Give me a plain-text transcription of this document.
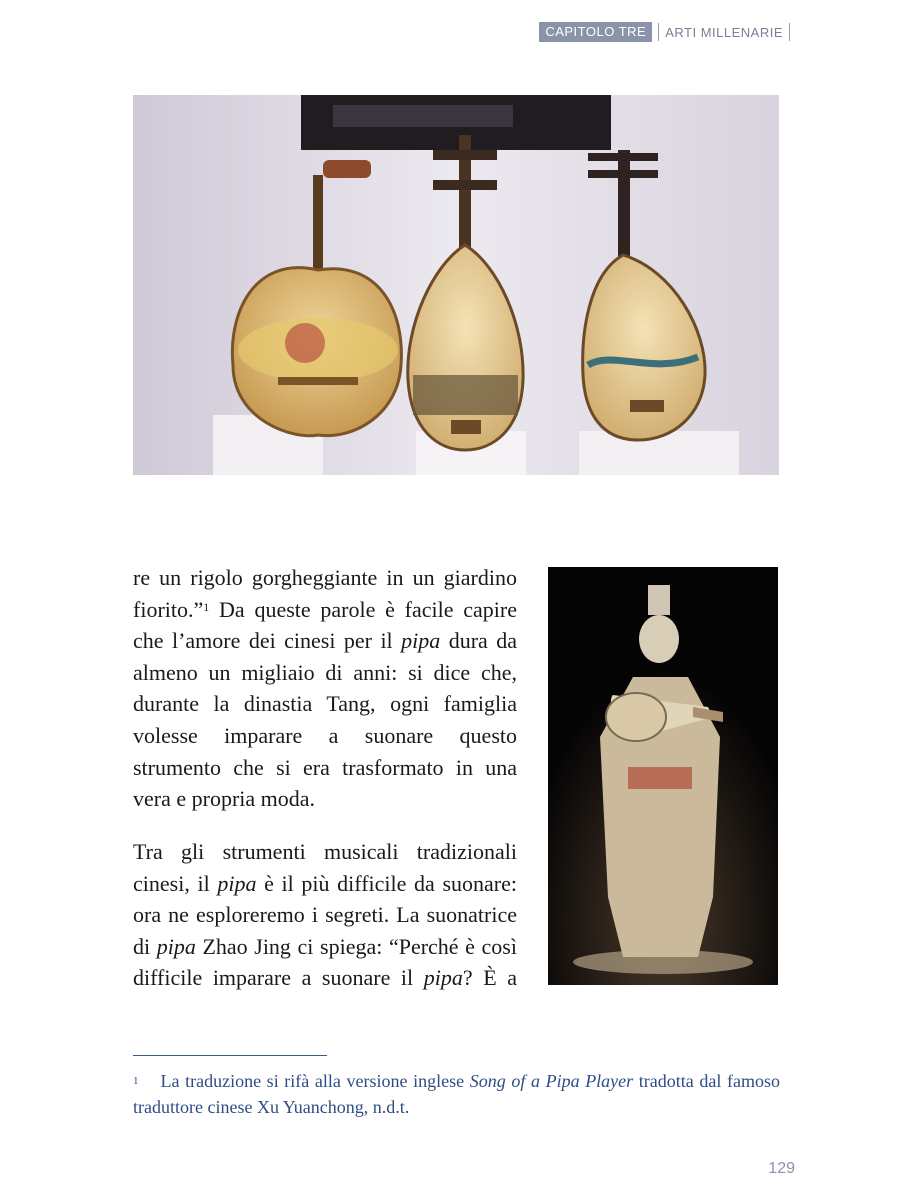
CAPITOLO TRE	ARTI MILLENARIE

re un rigolo gorgheggiante in un giardino fiorito.”$^1$ Da queste parole è facile capire che l’amore dei cinesi per il pipa dura da almeno un migliaio di anni: si dice che, durante la dinastia Tang, ogni famiglia volesse imparare a suonare questo strumento che si era trasformato in una vera e propria moda.

Tra gli strumenti musicali tradizionali cinesi, il pipa è il più difficile da suonare: ora ne esploreremo i segreti. La suonatrice di pipa Zhao Jing ci spiega: “Perché è così difficile imparare a suonare il pipa? È a

$^1$ La traduzione si rifà alla versione inglese Song of a Pipa Player tradotta dal famoso traduttore cinese Xu Yuanchong, n.d.t.
129
